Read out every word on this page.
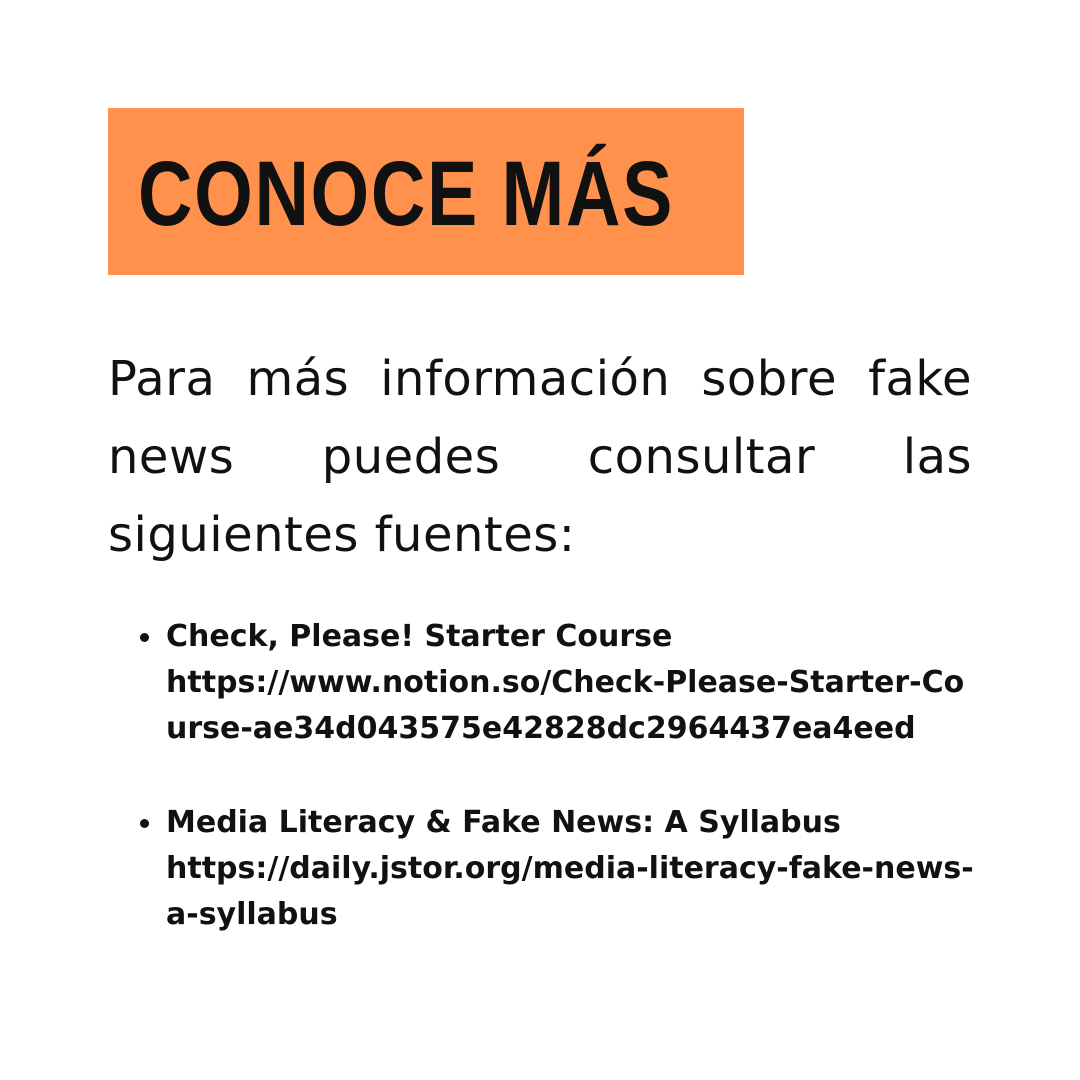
CONOCE MÁS

Para más información sobre fake news puedes consultar las siguientes fuentes:

Check, Please! Starter Course
https://www.notion.so/Check-Please-Starter-Course-ae34d043575e42828dc2964437ea4eed
Media Literacy & Fake News: A Syllabus
https://daily.jstor.org/media-literacy-fake-news-a-syllabus
